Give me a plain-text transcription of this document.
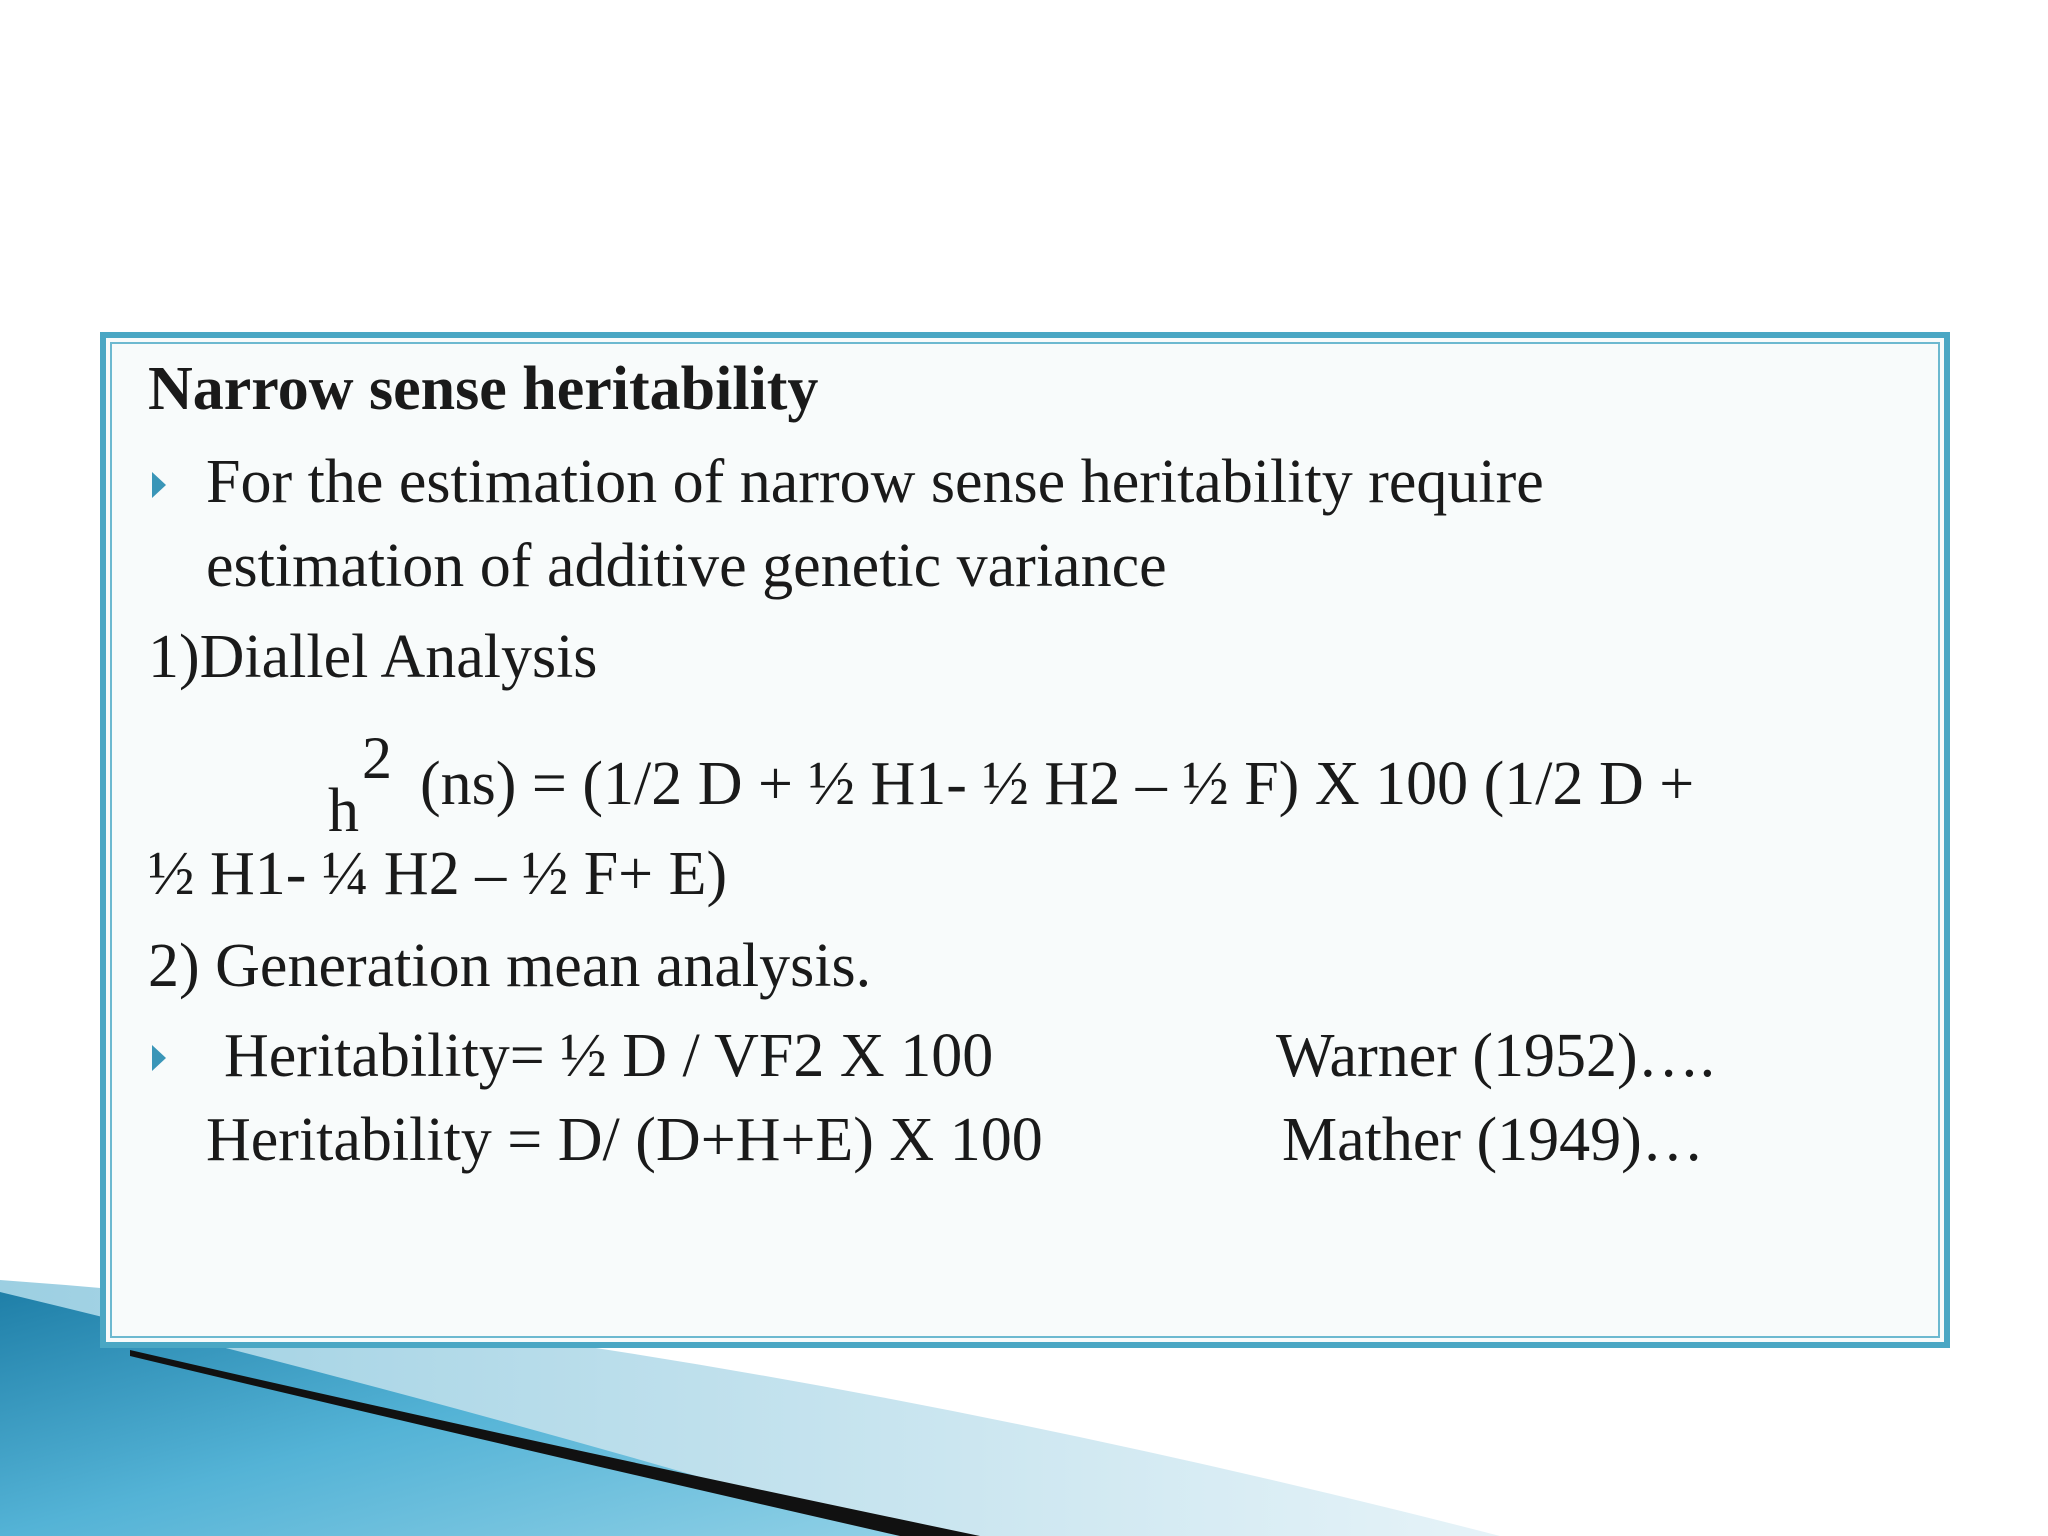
Narrow sense heritability
For the estimation of narrow sense heritability require
estimation of additive genetic variance
1)Diallel Analysis
2
h (ns) = (1/2 D + ½ H1- ½ H2 – ½ F) X 100 (1/2 D +
½ H1- ¼ H2 – ½ F+ E)
2) Generation mean analysis.
Heritability= ½ D / VF2 X 100	Warner (1952)….
Heritability = D/ (D+H+E) X 100	Mather (1949)…
